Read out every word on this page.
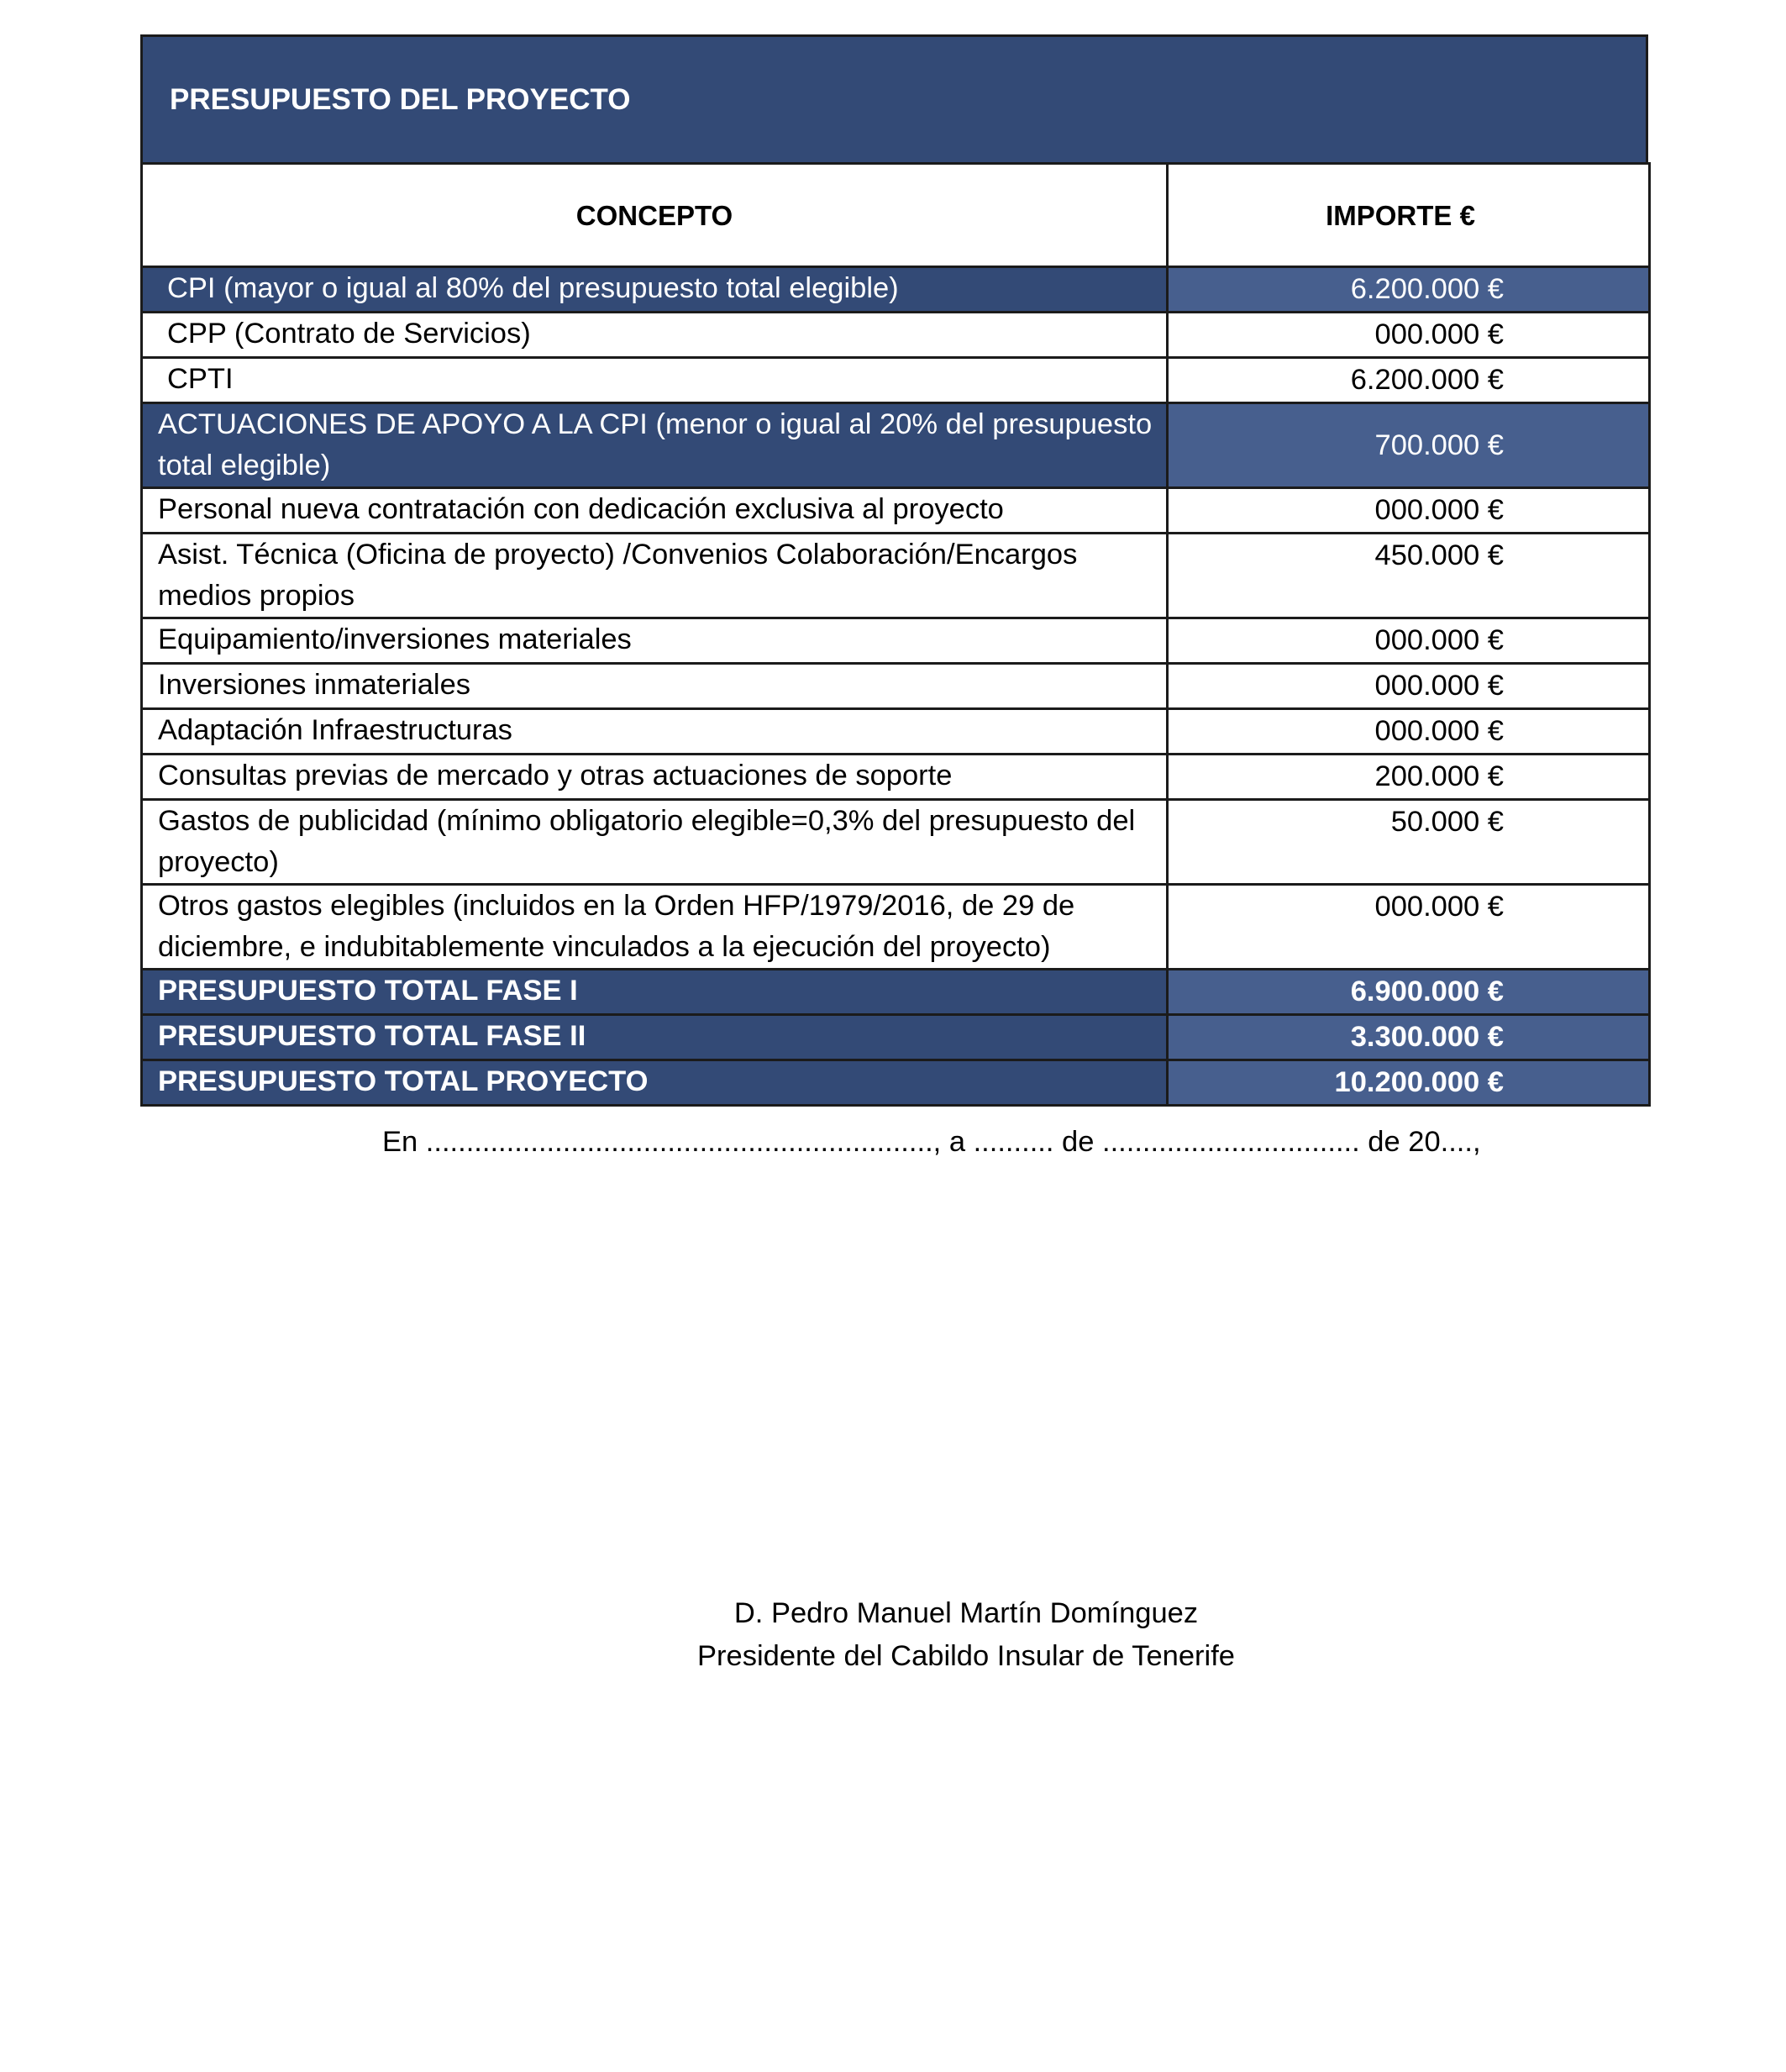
PRESUPUESTO DEL PROYECTO
CONCEPTO	IMPORTE €
CPI (mayor o igual al 80% del presupuesto total elegible)	6.200.000 €
CPP (Contrato de Servicios)	000.000 €
CPTI	6.200.000 €
ACTUACIONES DE APOYO A LA CPI (menor o igual al 20% del presupuesto total elegible)	700.000 €
Personal nueva contratación con dedicación exclusiva al proyecto	000.000 €
Asist. Técnica (Oficina de proyecto) /Convenios Colaboración/Encargos medios propios	450.000 €
Equipamiento/inversiones materiales	000.000 €
Inversiones inmateriales	000.000 €
Adaptación Infraestructuras	000.000 €
Consultas previas de mercado y otras actuaciones de soporte	200.000 €
Gastos de publicidad (mínimo obligatorio elegible=0,3% del presupuesto del proyecto)	50.000 €
Otros gastos elegibles (incluidos en la Orden HFP/1979/2016, de 29 de diciembre, e indubitablemente vinculados a la ejecución del proyecto)	000.000 €
PRESUPUESTO TOTAL FASE I	6.900.000 €
PRESUPUESTO TOTAL FASE II	3.300.000 €
PRESUPUESTO TOTAL PROYECTO	10.200.000 €
En ..............................................................., a .......... de ................................ de 20....,
D. Pedro Manuel Martín Domínguez
Presidente del Cabildo Insular de Tenerife
